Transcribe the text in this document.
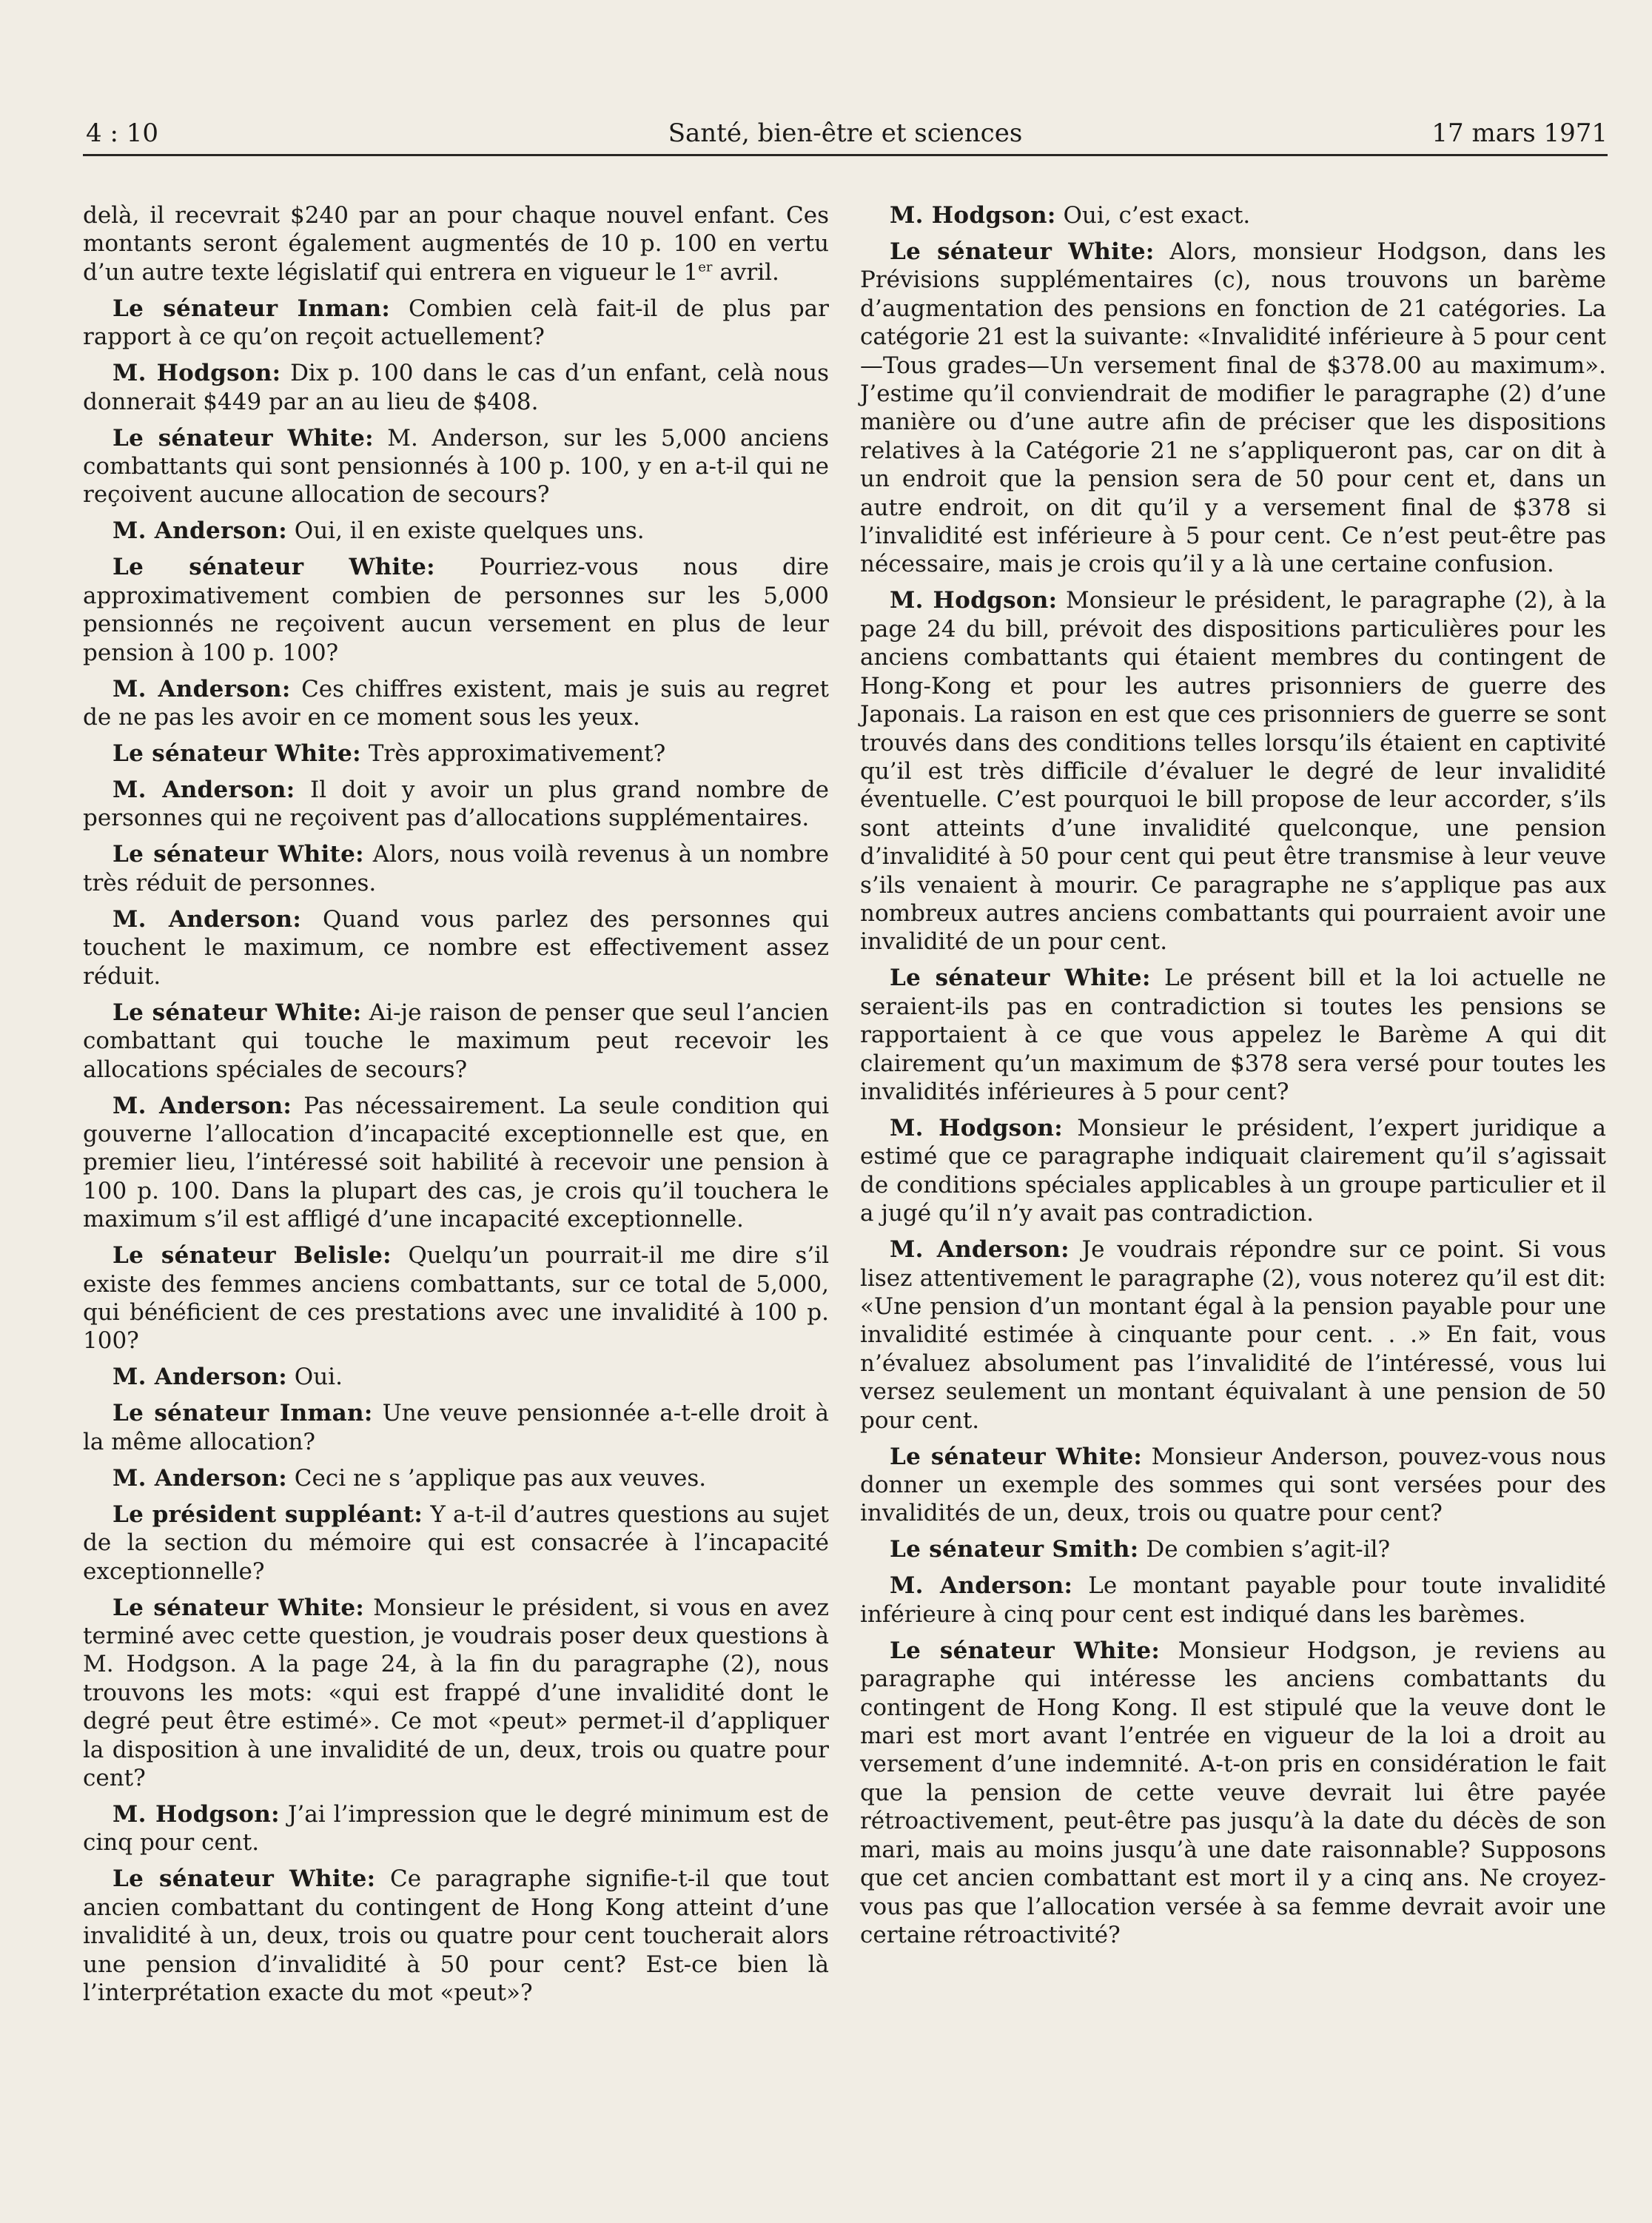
4 : 10	Santé, bien-être et sciences	17 mars 1971

delà, il recevrait $240 par an pour chaque nouvel enfant. Ces montants seront également augmentés de 10 p. 100 en vertu d’un autre texte législatif qui entrera en vigueur le 1er avril.

Le sénateur Inman: Combien celà fait-il de plus par rapport à ce qu’on reçoit actuellement?

M. Hodgson: Dix p. 100 dans le cas d’un enfant, celà nous donnerait $449 par an au lieu de $408.

Le sénateur White: M. Anderson, sur les 5,000 anciens combattants qui sont pensionnés à 100 p. 100, y en a-t-il qui ne reçoivent aucune allocation de secours?

M. Anderson: Oui, il en existe quelques uns.

Le sénateur White: Pourriez-vous nous dire approximativement combien de personnes sur les 5,000 pensionnés ne reçoivent aucun versement en plus de leur pension à 100 p. 100?

M. Anderson: Ces chiffres existent, mais je suis au regret de ne pas les avoir en ce moment sous les yeux.

Le sénateur White: Très approximativement?

M. Anderson: Il doit y avoir un plus grand nombre de personnes qui ne reçoivent pas d’allocations supplémentaires.

Le sénateur White: Alors, nous voilà revenus à un nombre très réduit de personnes.

M. Anderson: Quand vous parlez des personnes qui touchent le maximum, ce nombre est effectivement assez réduit.

Le sénateur White: Ai-je raison de penser que seul l’ancien combattant qui touche le maximum peut recevoir les allocations spéciales de secours?

M. Anderson: Pas nécessairement. La seule condition qui gouverne l’allocation d’incapacité exceptionnelle est que, en premier lieu, l’intéressé soit habilité à recevoir une pension à 100 p. 100. Dans la plupart des cas, je crois qu’il touchera le maximum s’il est affligé d’une incapacité exceptionnelle.

Le sénateur Belisle: Quelqu’un pourrait-il me dire s’il existe des femmes anciens combattants, sur ce total de 5,000, qui bénéficient de ces prestations avec une invalidité à 100 p. 100?

M. Anderson: Oui.

Le sénateur Inman: Une veuve pensionnée a-t-elle droit à la même allocation?

M. Anderson: Ceci ne s ’applique pas aux veuves.

Le président suppléant: Y a-t-il d’autres questions au sujet de la section du mémoire qui est consacrée à l’incapacité exceptionnelle?

Le sénateur White: Monsieur le président, si vous en avez terminé avec cette question, je voudrais poser deux questions à M. Hodgson. A la page 24, à la fin du paragraphe (2), nous trouvons les mots: «qui est frappé d’une invalidité dont le degré peut être estimé». Ce mot «peut» permet-il d’appliquer la disposition à une invalidité de un, deux, trois ou quatre pour cent?

M. Hodgson: J’ai l’impression que le degré minimum est de cinq pour cent.

Le sénateur White: Ce paragraphe signifie-t-il que tout ancien combattant du contingent de Hong Kong atteint d’une invalidité à un, deux, trois ou quatre pour cent toucherait alors une pension d’invalidité à 50 pour cent? Est-ce bien là l’interprétation exacte du mot «peut»?

M. Hodgson: Oui, c’est exact.

Le sénateur White: Alors, monsieur Hodgson, dans les Prévisions supplémentaires (c), nous trouvons un barème d’augmentation des pensions en fonction de 21 catégories. La catégorie 21 est la suivante: «Invalidité inférieure à 5 pour cent—Tous grades—Un versement final de $378.00 au maximum». J’estime qu’il conviendrait de modifier le paragraphe (2) d’une manière ou d’une autre afin de préciser que les dispositions relatives à la Catégorie 21 ne s’appliqueront pas, car on dit à un endroit que la pension sera de 50 pour cent et, dans un autre endroit, on dit qu’il y a versement final de $378 si l’invalidité est inférieure à 5 pour cent. Ce n’est peut-être pas nécessaire, mais je crois qu’il y a là une certaine confusion.

M. Hodgson: Monsieur le président, le paragraphe (2), à la page 24 du bill, prévoit des dispositions particulières pour les anciens combattants qui étaient membres du contingent de Hong-Kong et pour les autres prisonniers de guerre des Japonais. La raison en est que ces prisonniers de guerre se sont trouvés dans des conditions telles lorsqu’ils étaient en captivité qu’il est très difficile d’évaluer le degré de leur invalidité éventuelle. C’est pourquoi le bill propose de leur accorder, s’ils sont atteints d’une invalidité quelconque, une pension d’invalidité à 50 pour cent qui peut être transmise à leur veuve s’ils venaient à mourir. Ce paragraphe ne s’applique pas aux nombreux autres anciens combattants qui pourraient avoir une invalidité de un pour cent.

Le sénateur White: Le présent bill et la loi actuelle ne seraient-ils pas en contradiction si toutes les pensions se rapportaient à ce que vous appelez le Barème A qui dit clairement qu’un maximum de $378 sera versé pour toutes les invalidités inférieures à 5 pour cent?

M. Hodgson: Monsieur le président, l’expert juridique a estimé que ce paragraphe indiquait clairement qu’il s’agissait de conditions spéciales applicables à un groupe particulier et il a jugé qu’il n’y avait pas contradiction.

M. Anderson: Je voudrais répondre sur ce point. Si vous lisez attentivement le paragraphe (2), vous noterez qu’il est dit: «Une pension d’un montant égal à la pension payable pour une invalidité estimée à cinquante pour cent. . .» En fait, vous n’évaluez absolument pas l’invalidité de l’intéressé, vous lui versez seulement un montant équivalant à une pension de 50 pour cent.

Le sénateur White: Monsieur Anderson, pouvez-vous nous donner un exemple des sommes qui sont versées pour des invalidités de un, deux, trois ou quatre pour cent?

Le sénateur Smith: De combien s’agit-il?

M. Anderson: Le montant payable pour toute invalidité inférieure à cinq pour cent est indiqué dans les barèmes.

Le sénateur White: Monsieur Hodgson, je reviens au paragraphe qui intéresse les anciens combattants du contingent de Hong Kong. Il est stipulé que la veuve dont le mari est mort avant l’entrée en vigueur de la loi a droit au versement d’une indemnité. A-t-on pris en considération le fait que la pension de cette veuve devrait lui être payée rétroactivement, peut-être pas jusqu’à la date du décès de son mari, mais au moins jusqu’à une date raisonnable? Supposons que cet ancien combattant est mort il y a cinq ans. Ne croyez-vous pas que l’allocation versée à sa femme devrait avoir une certaine rétroactivité?
